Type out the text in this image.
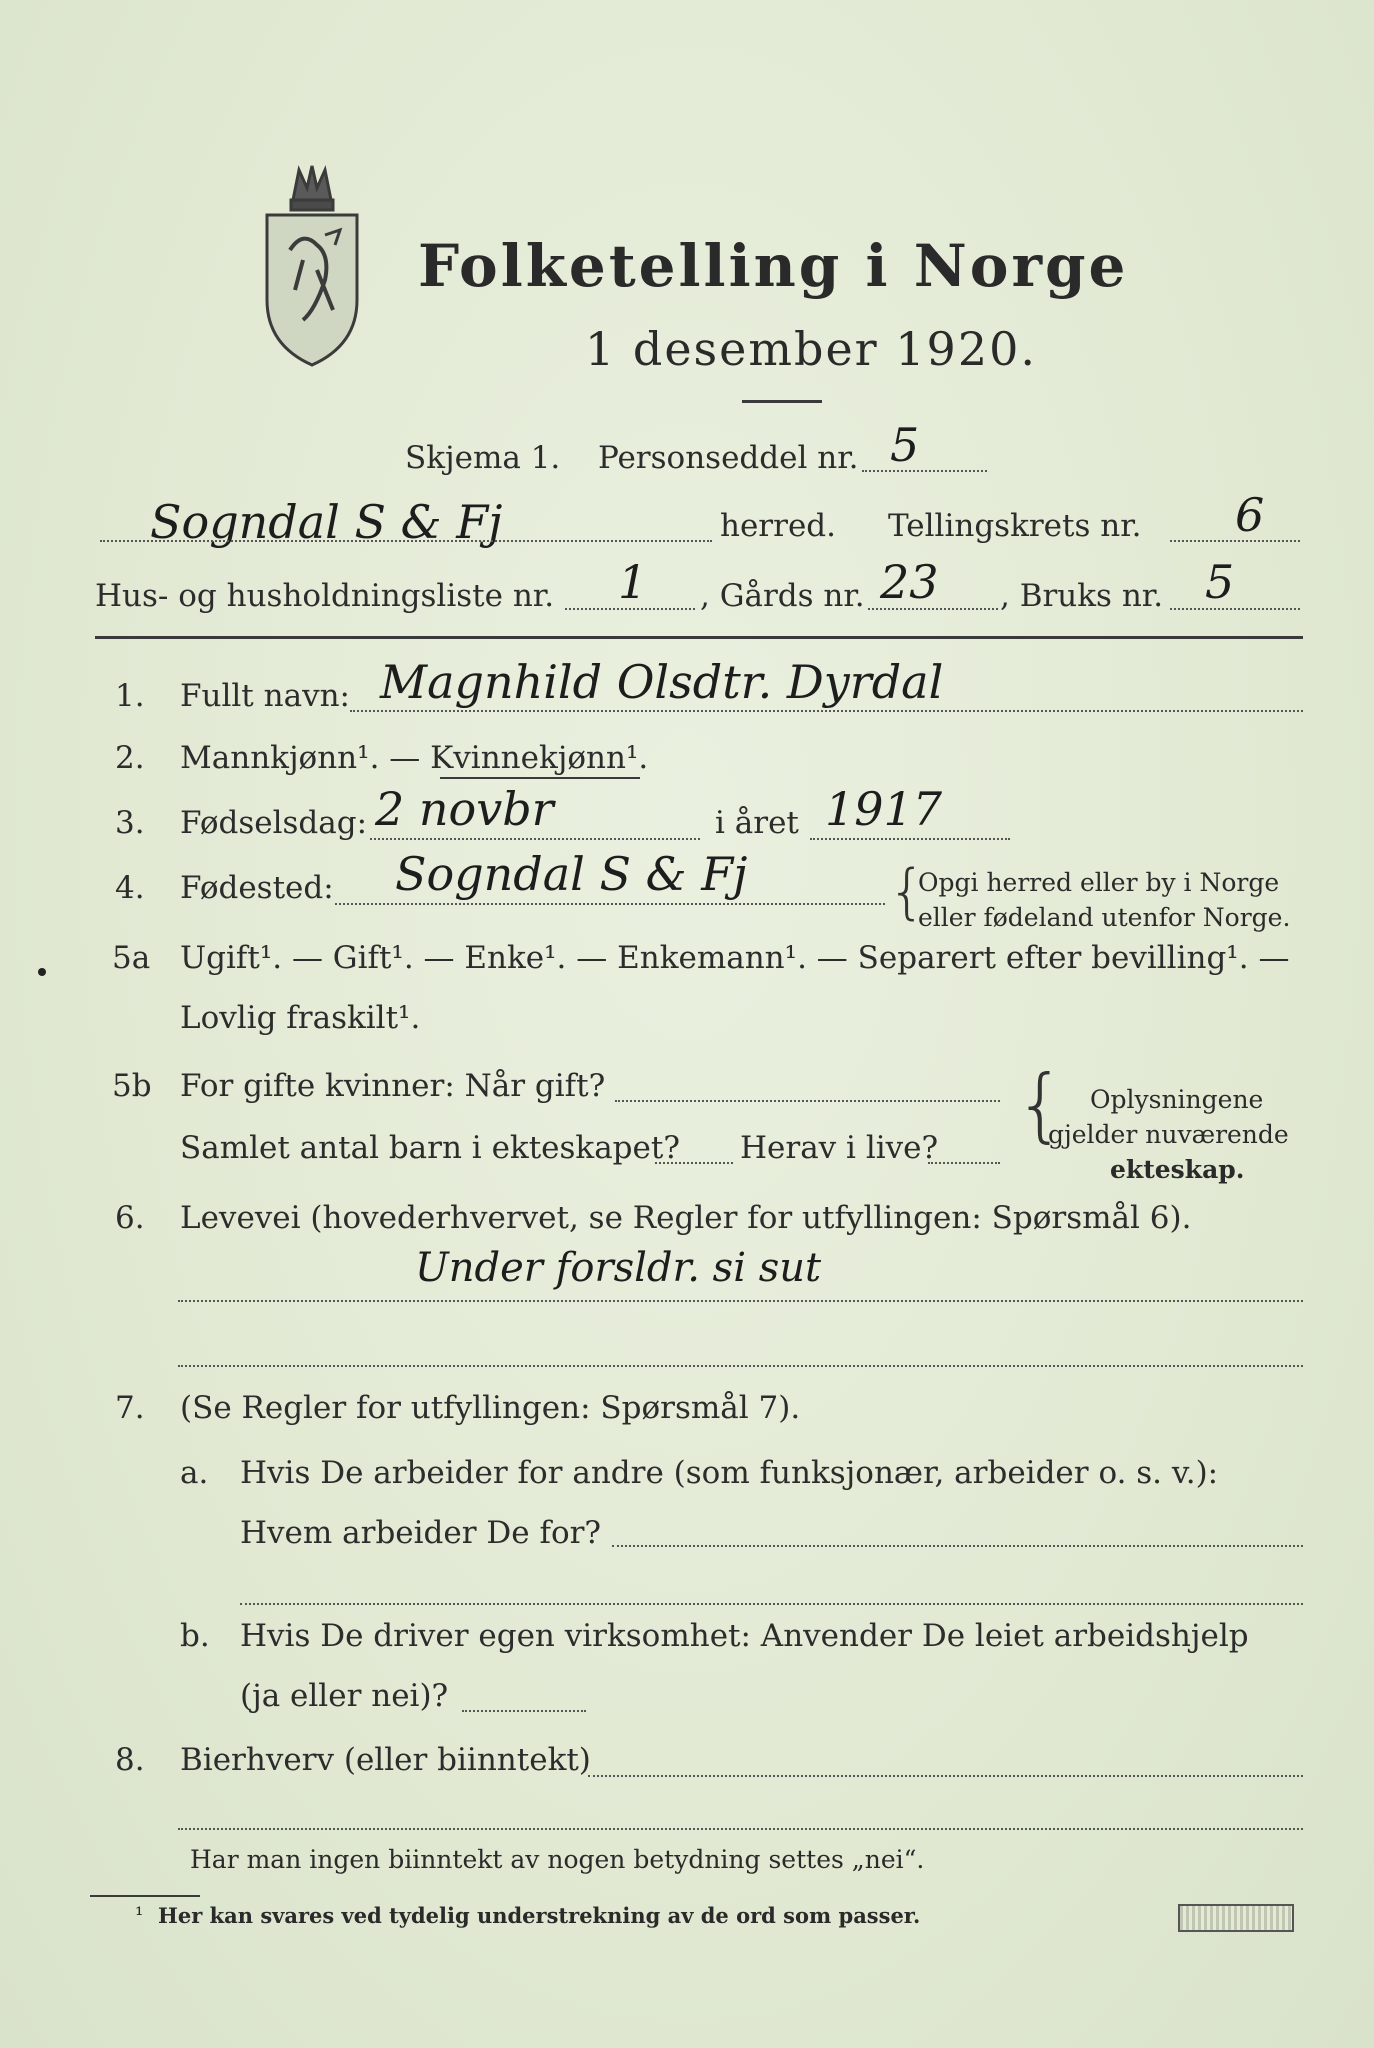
Folketelling i Norge
1 desember 1920.
Skjema 1. Personseddel nr. 5
Sogndal S & Fj	herred. Tellingskrets nr. 6
Hus- og husholdningsliste nr. 1 , Gårds nr. 23 , Bruks nr. 5
1. Fullt navn: Magnhild Olsdtr. Dyrdal
2. Mannkjønn¹. — Kvinnekjønn¹.
3. Fødselsdag: 2 novbr	i året 1917
4. Fødested: Sogndal S & Fj {
Opgi herred eller by i Norge
eller fødeland utenfor Norge.
5a Ugift¹. — Gift¹. — Enke¹. — Enkemann¹. — Separert efter bevilling¹. —
Lovlig fraskilt¹.
5b For gifte kvinner: Når gift?
Samlet antal barn i ekteskapet? Herav i live? { Oplysningene
gjelder nuværende
ekteskap.
6. Levevei (hovederhvervet, se Regler for utfyllingen: Spørsmål 6).
Under forsldr. si sut
7. (Se Regler for utfyllingen: Spørsmål 7).
a. Hvis De arbeider for andre (som funksjonær, arbeider o. s. v.):
Hvem arbeider De for?
b. Hvis De driver egen virksomhet: Anvender De leiet arbeidshjelp
(ja eller nei)?
8. Bierhverv (eller biinntekt)
Har man ingen biinntekt av nogen betydning settes „nei“.
¹ Her kan svares ved tydelig understrekning av de ord som passer.
